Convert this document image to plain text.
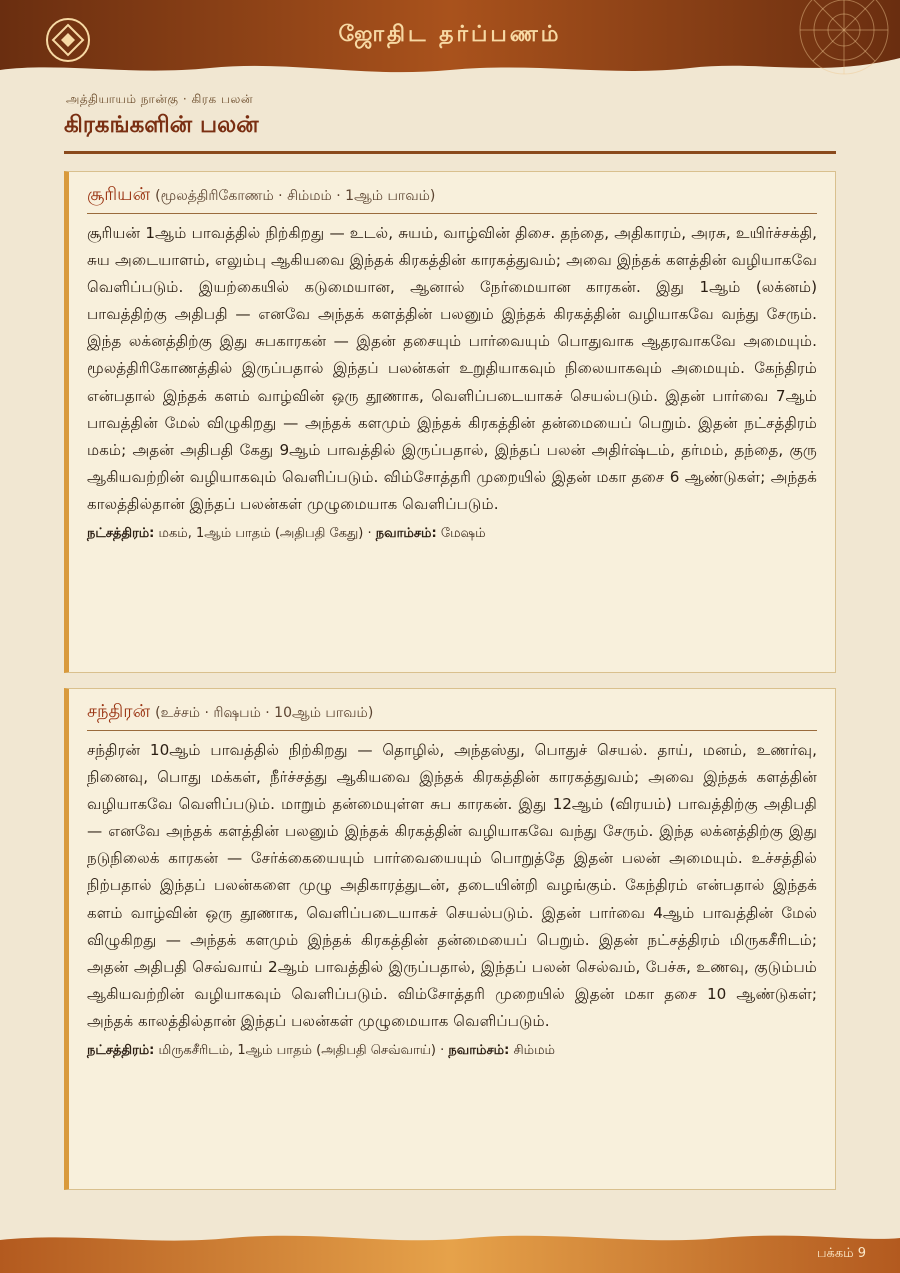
ஜோதிட தர்ப்பணம்
அத்தியாயம் நான்கு · கிரக பலன்
கிரகங்களின் பலன்
சூரியன் (மூலத்திரிகோணம் · சிம்மம் · 1ஆம் பாவம்)
சூரியன் 1ஆம் பாவத்தில் நிற்கிறது — உடல், சுயம், வாழ்வின் திசை. தந்தை, அதிகாரம், அரசு, உயிர்ச்சக்தி, சுய அடையாளம், எலும்பு ஆகியவை இந்தக் கிரகத்தின் காரகத்துவம்; அவை இந்தக் களத்தின் வழியாகவே வெளிப்படும். இயற்கையில் கடுமையான, ஆனால் நேர்மையான காரகன். இது 1ஆம் (லக்னம்) பாவத்திற்கு அதிபதி — எனவே அந்தக் களத்தின் பலனும் இந்தக் கிரகத்தின் வழியாகவே வந்து சேரும். இந்த லக்னத்திற்கு இது சுபகாரகன் — இதன் தசையும் பார்வையும் பொதுவாக ஆதரவாகவே அமையும். மூலத்திரிகோணத்தில் இருப்பதால் இந்தப் பலன்கள் உறுதியாகவும் நிலையாகவும் அமையும். கேந்திரம் என்பதால் இந்தக் களம் வாழ்வின் ஒரு தூணாக, வெளிப்படையாகச் செயல்படும். இதன் பார்வை 7ஆம் பாவத்தின் மேல் விழுகிறது — அந்தக் களமும் இந்தக் கிரகத்தின் தன்மையைப் பெறும். இதன் நட்சத்திரம் மகம்; அதன் அதிபதி கேது 9ஆம் பாவத்தில் இருப்பதால், இந்தப் பலன் அதிர்ஷ்டம், தர்மம், தந்தை, குரு ஆகியவற்றின் வழியாகவும் வெளிப்படும். விம்சோத்தரி முறையில் இதன் மகா தசை 6 ஆண்டுகள்; அந்தக் காலத்தில்தான் இந்தப் பலன்கள் முழுமையாக வெளிப்படும்.
நட்சத்திரம்: மகம், 1ஆம் பாதம் (அதிபதி கேது) · நவாம்சம்: மேஷம்
சந்திரன் (உச்சம் · ரிஷபம் · 10ஆம் பாவம்)
சந்திரன் 10ஆம் பாவத்தில் நிற்கிறது — தொழில், அந்தஸ்து, பொதுச் செயல். தாய், மனம், உணர்வு, நினைவு, பொது மக்கள், நீர்ச்சத்து ஆகியவை இந்தக் கிரகத்தின் காரகத்துவம்; அவை இந்தக் களத்தின் வழியாகவே வெளிப்படும். மாறும் தன்மையுள்ள சுப காரகன். இது 12ஆம் (விரயம்) பாவத்திற்கு அதிபதி — எனவே அந்தக் களத்தின் பலனும் இந்தக் கிரகத்தின் வழியாகவே வந்து சேரும். இந்த லக்னத்திற்கு இது நடுநிலைக் காரகன் — சேர்க்கையையும் பார்வையையும் பொறுத்தே இதன் பலன் அமையும். உச்சத்தில் நிற்பதால் இந்தப் பலன்களை முழு அதிகாரத்துடன், தடையின்றி வழங்கும். கேந்திரம் என்பதால் இந்தக் களம் வாழ்வின் ஒரு தூணாக, வெளிப்படையாகச் செயல்படும். இதன் பார்வை 4ஆம் பாவத்தின் மேல் விழுகிறது — அந்தக் களமும் இந்தக் கிரகத்தின் தன்மையைப் பெறும். இதன் நட்சத்திரம் மிருகசீரிடம்; அதன் அதிபதி செவ்வாய் 2ஆம் பாவத்தில் இருப்பதால், இந்தப் பலன் செல்வம், பேச்சு, உணவு, குடும்பம் ஆகியவற்றின் வழியாகவும் வெளிப்படும். விம்சோத்தரி முறையில் இதன் மகா தசை 10 ஆண்டுகள்; அந்தக் காலத்தில்தான் இந்தப் பலன்கள் முழுமையாக வெளிப்படும்.
நட்சத்திரம்: மிருகசீரிடம், 1ஆம் பாதம் (அதிபதி செவ்வாய்) · நவாம்சம்: சிம்மம்
பக்கம் 9
